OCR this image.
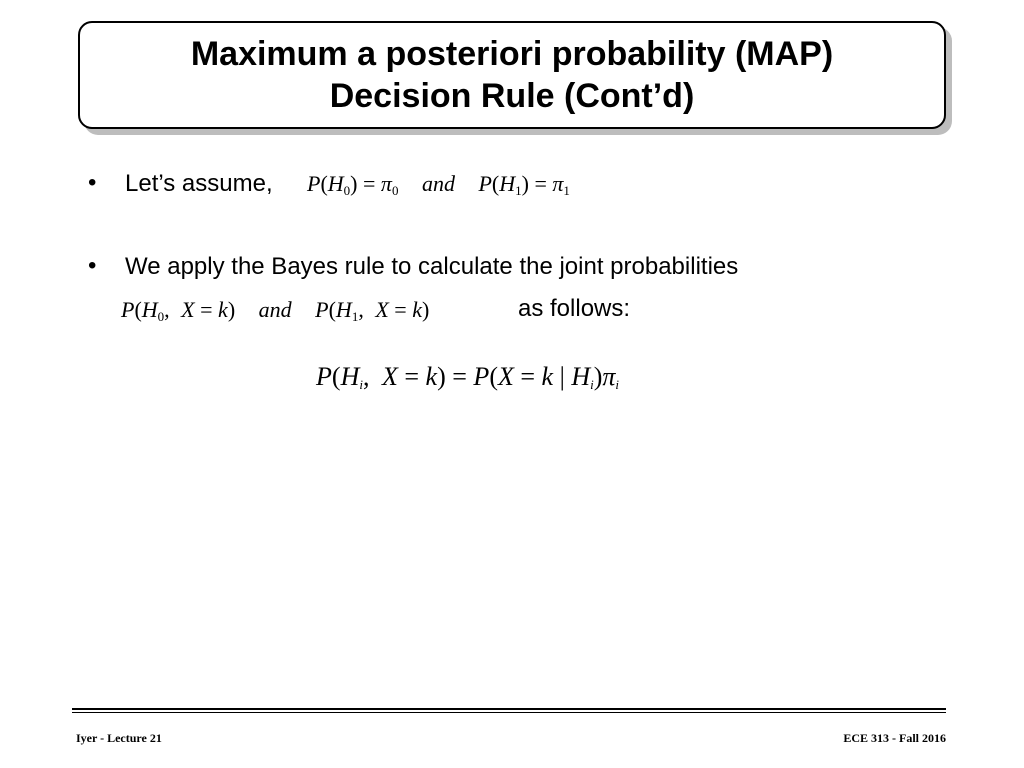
Maximum a posteriori probability (MAP)
Decision Rule (Cont’d)
• Let’s assume, $P(H_0) = \pi_0$ and $P(H_1) = \pi_1$
• We apply the Bayes rule to calculate the joint probabilities
$P(H_0$, X = k) and $P(H_1$, X = k)	as follows:
$P(H_i$, X = k) = P(X = k | $H_i)\pi_i$
Iyer - Lecture 21	ECE 313 - Fall 2016
